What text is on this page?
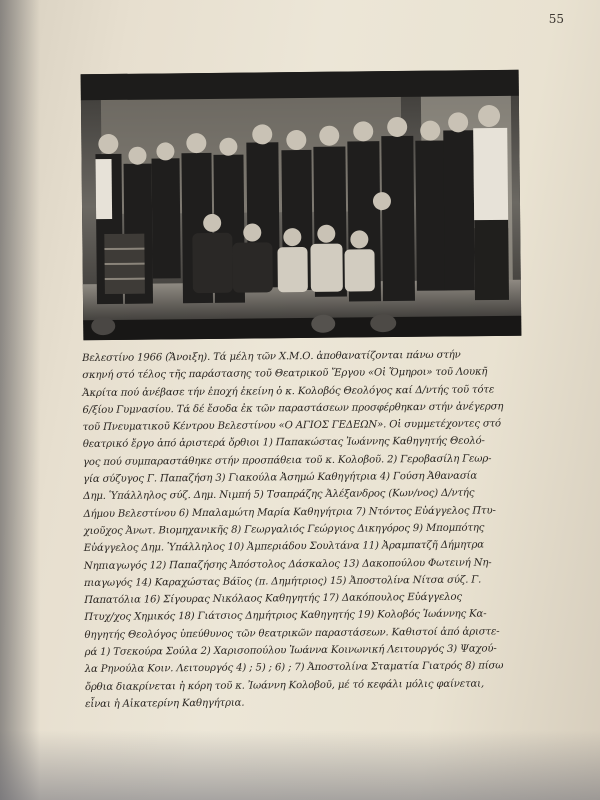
55
Βελεστίνο 1966 (Ἄνοιξη). Τά μέλη τῶν Χ.Μ.Ο. ἀποθανατίζονται πάνω στήν
σκηνή στό τέλος τῆς παράστασης τοῦ Θεατρικοῦ Ἔργου «Οἱ Ὅμηροι» τοῦ Λουκῆ
Ἀκρίτα πού ἀνέβασε τήν ἐποχή ἐκείνη ὁ κ. Κολοβός Θεολόγος καί Δ/ντής τοῦ τότε
6/ξίου Γυμνασίου. Τά δέ ἔσοδα ἐκ τῶν παραστάσεων προσφέρθηκαν στήν ἀνέγερση
τοῦ Πνευματικοῦ Κέντρου Βελεστίνου «Ο ΑΓΙΟΣ ΓΕΔΕΩΝ». Οἱ συμμετέχοντες στό
θεατρικό ἔργο ἀπό ἀριστερά ὄρθιοι 1) Παπακώστας Ἰωάννης Καθηγητής Θεολό-
γος πού συμπαραστάθηκε στήν προσπάθεια τοῦ κ. Κολοβοῦ. 2) Γεροβασίλη Γεωρ-
γία σύζυγος Γ. Παπαζήση 3) Γιακούλα Ἀσημώ Καθηγήτρια 4) Γούση Ἀθανασία
Δημ. Ὑπάλληλος σύζ. Δημ. Νιμπή 5) Τσαπράζης Ἀλέξανδρος (Κων/νος) Δ/ντής
Δήμου Βελεστίνου 6) Μπαλαμώτη Μαρία Καθηγήτρια 7) Ντόντος Εὐάγγελος Πτυ-
χιοῦχος Ἀνωτ. Βιομηχανικῆς 8) Γεωργαλιός Γεώργιος Δικηγόρος 9) Μπομπότης
Εὐάγγελος Δημ. Ὑπάλληλος 10) Ἀμπεριάδου Σουλτάνα 11) Ἀραμπατζῆ Δήμητρα
Νηπιαγωγός 12) Παπαζήσης Ἀπόστολος Δάσκαλος 13) Δακοπούλου Φωτεινή Νη-
πιαγωγός 14) Καραχώστας Βάϊος (π. Δημήτριος) 15) Ἀποστολίνα Νίτσα σύζ. Γ.
Παπατόλια 16) Σίγουρας Νικόλαος Καθηγητής 17) Δακόπουλος Εὐάγγελος
Πτυχ/χος Χημικός 18) Γιάτσιος Δημήτριος Καθηγητής 19) Κολοβός Ἰωάννης Κα-
θηγητής Θεολόγος ὑπεύθυνος τῶν θεατρικῶν παραστάσεων. Καθιστοί ἀπό ἀριστε-
ρά 1) Τσεκούρα Σούλα 2) Χαρισοπούλου Ἰωάννα Κοινωνική Λειτουργός 3) Ψαχού-
λα Ρηνούλα Κοιν. Λειτουργός 4) ; 5) ; 6) ; 7) Ἀποστολίνα Σταματία Γιατρός 8) πίσω
ὄρθια διακρίνεται ἡ κόρη τοῦ κ. Ἰωάννη Κολοβοῦ, μέ τό κεφάλι μόλις φαίνεται,
εἶναι ἡ Αἰκατερίνη Καθηγήτρια.
